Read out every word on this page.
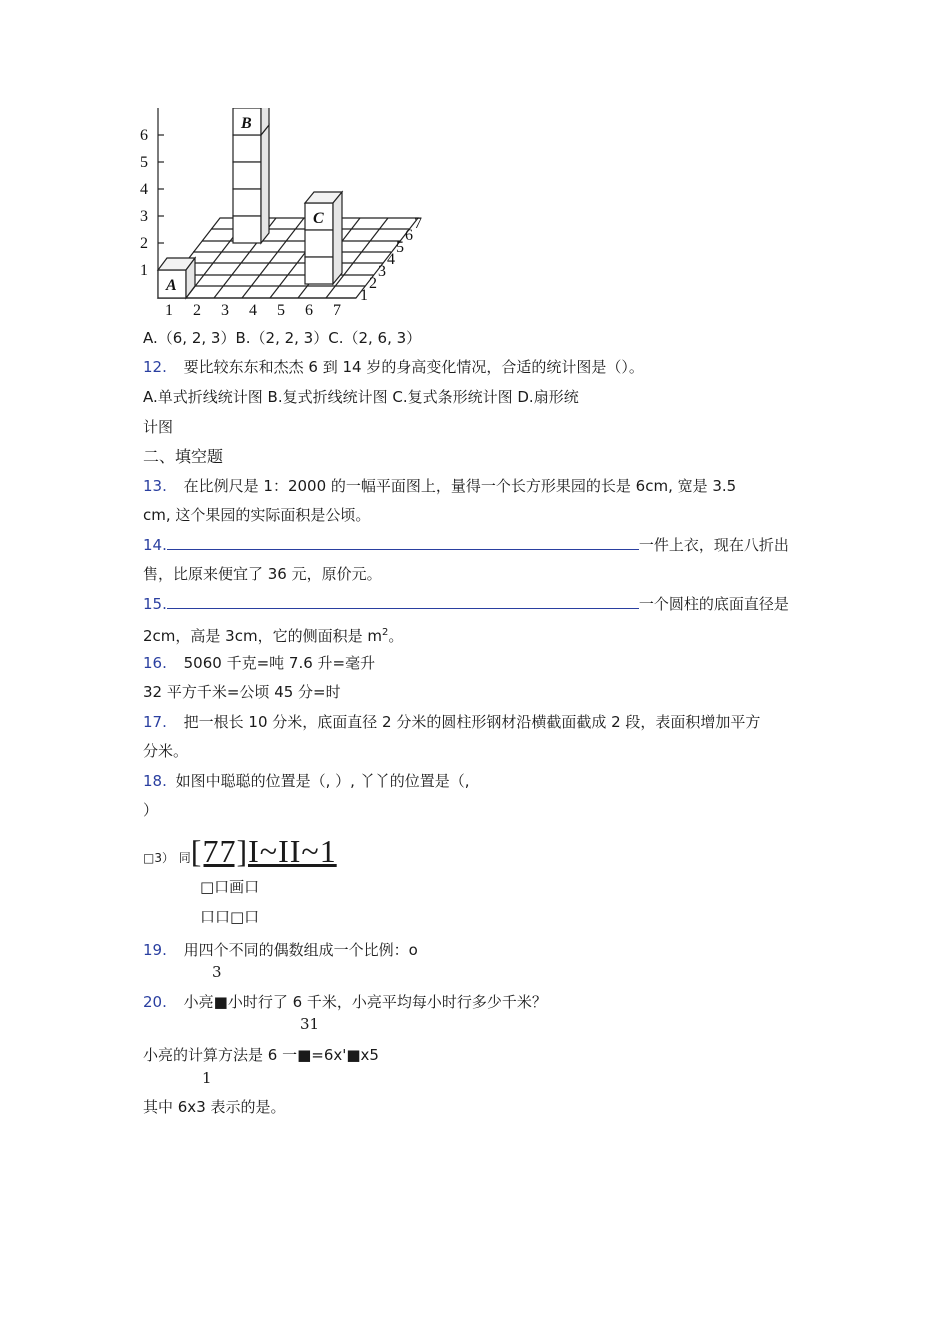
1
2
3
4
5
6
1 2 3 4 5 6 7
1
2
3
4
5
6
7
A
B
C
A.（6, 2, 3）B.（2, 2, 3）C.（2, 6, 3）
12. 要比较东东和杰杰 6 到 14 岁的身高变化情况，合适的统计图是（）。
A.单式折线统计图 B.复式折线统计图 C.复式条形统计图 D.扇形统
计图
二、填空题
13. 在比例尺是 1：2000 的一幅平面图上，量得一个长方形果园的长是 6cm, 宽是 3.5
cm, 这个果园的实际面积是公顷。
14.	一件上衣，现在八折出
售，比原来便宜了 36 元，原价元。
15.	一个圆柱的底面直径是
2cm，高是 3cm，它的侧面积是 $m^2$。
16. 5060 千克=吨 7.6 升=毫升
32 平方千米=公顷 45 分=时
17. 把一根长 10 分米，底面直径 2 分米的圆柱形钢材沿横截面截成 2 段，表面积增加平方
分米。
18. 如图中聪聪的位置是（, ）, 丫丫的位置是（,
）
□3） 同[77]I~II~1
□口画口
口口□口
19. 用四个不同的偶数组成一个比例：o
3
20. 小亮■小时行了 6 千米，小亮平均每小时行多少千米？
31
小亮的计算方法是 6 一■=6x'■x5
1
其中 6x3 表示的是。
